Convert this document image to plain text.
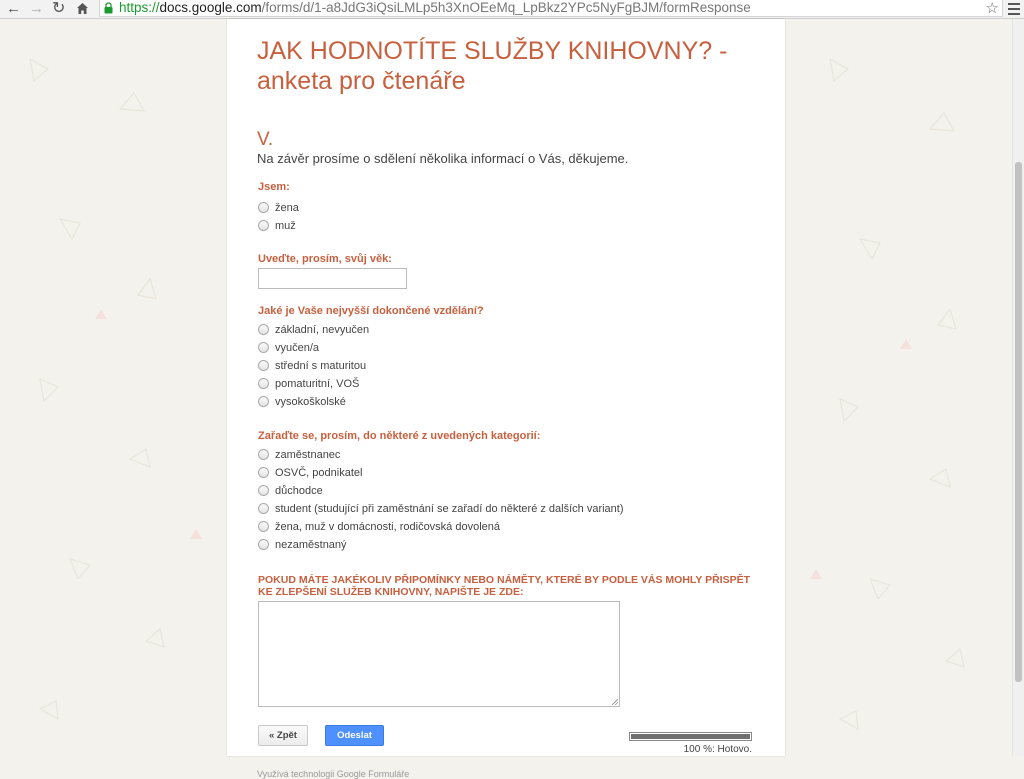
← → ↻	https://docs.google.com/forms/d/1-a8JdG3iQsiLMLp5h3XnOEeMq_LpBkz2YPc5NyFgBJM/formResponse	☆
JAK HODNOTÍTE SLUŽBY KNIHOVNY? - anketa pro čtenáře
V.
Na závěr prosíme o sdělení několika informací o Vás, děkujeme.
Jsem:
žena
muž
Uveďte, prosím, svůj věk:
Jaké je Vaše nejvyšší dokončené vzdělání?
základní, nevyučen
vyučen/a
střední s maturitou
pomaturitní, VOŠ
vysokoškolské
Zařaďte se, prosím, do některé z uvedených kategorií:
zaměstnanec
OSVČ, podnikatel
důchodce
student (studující při zaměstnání se zařadí do některé z dalších variant)
žena, muž v domácnosti, rodičovská dovolená
nezaměstnaný
POKUD MÁTE JAKÉKOLIV PŘIPOMÍNKY NEBO NÁMĚTY, KTERÉ BY PODLE VÁS MOHLY PŘISPĚT KE ZLEPŠENÍ SLUŽEB KNIHOVNY, NAPIŠTE JE ZDE:
« Zpět	Odeslat
100 %: Hotovo.
Využívá technologii Google Formuláře
